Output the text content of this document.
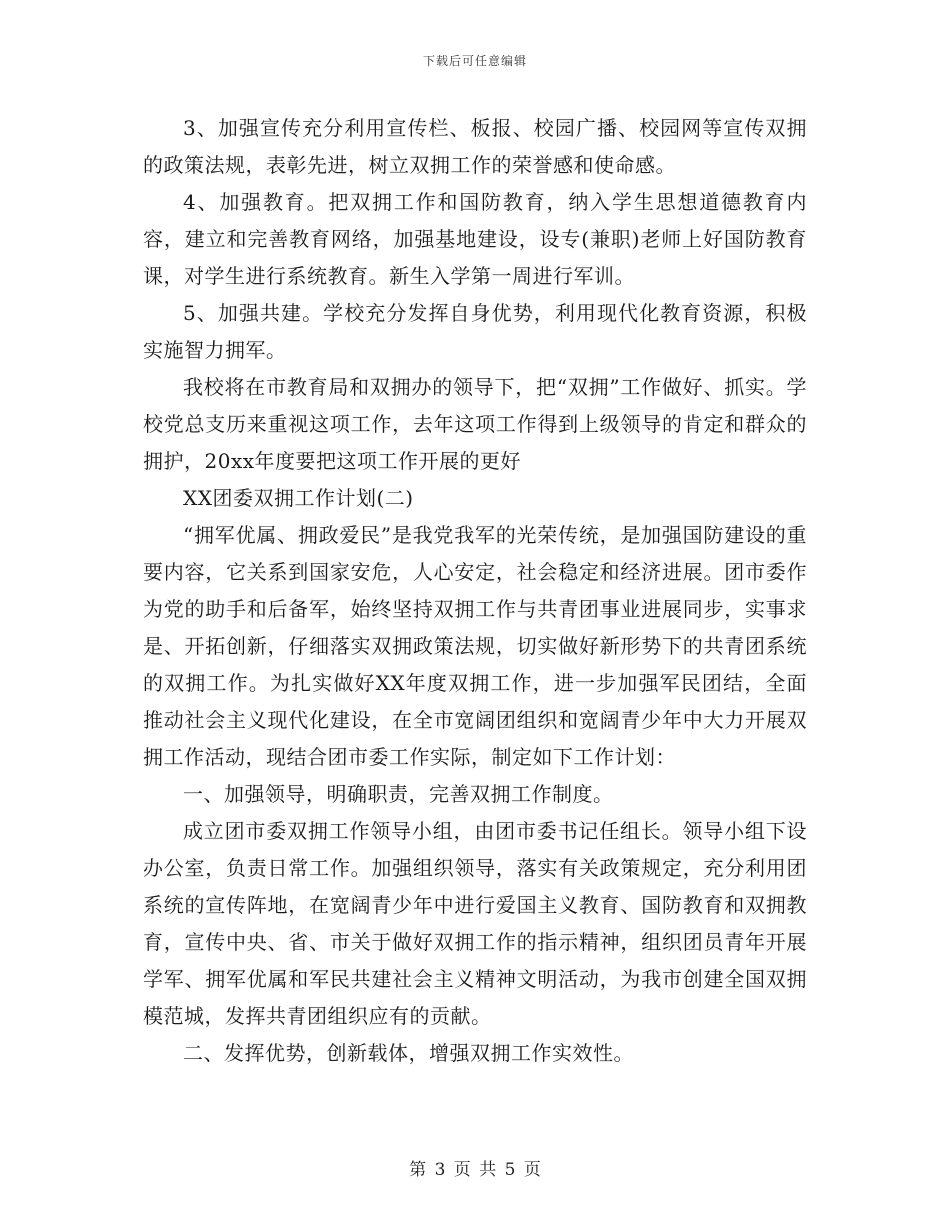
下载后可任意编辑

3、加强宣传充分利用宣传栏、板报、校园广播、校园网等宣传双拥的政策法规，表彰先进，树立双拥工作的荣誉感和使命感。

4、加强教育。把双拥工作和国防教育，纳入学生思想道德教育内容，建立和完善教育网络，加强基地建设，设专(兼职)老师上好国防教育课，对学生进行系统教育。新生入学第一周进行军训。

5、加强共建。学校充分发挥自身优势，利用现代化教育资源，积极实施智力拥军。

我校将在市教育局和双拥办的领导下，把“双拥”工作做好、抓实。学校党总支历来重视这项工作，去年这项工作得到上级领导的肯定和群众的拥护，20xx年度要把这项工作开展的更好

XX团委双拥工作计划(二)

“拥军优属、拥政爱民”是我党我军的光荣传统，是加强国防建设的重要内容，它关系到国家安危，人心安定，社会稳定和经济进展。团市委作为党的助手和后备军，始终坚持双拥工作与共青团事业进展同步，实事求是、开拓创新，仔细落实双拥政策法规，切实做好新形势下的共青团系统的双拥工作。为扎实做好XX年度双拥工作，进一步加强军民团结，全面推动社会主义现代化建设，在全市宽阔团组织和宽阔青少年中大力开展双拥工作活动，现结合团市委工作实际，制定如下工作计划：

一、加强领导，明确职责，完善双拥工作制度。

成立团市委双拥工作领导小组，由团市委书记任组长。领导小组下设办公室，负责日常工作。加强组织领导，落实有关政策规定，充分利用团系统的宣传阵地，在宽阔青少年中进行爱国主义教育、国防教育和双拥教育，宣传中央、省、市关于做好双拥工作的指示精神，组织团员青年开展学军、拥军优属和军民共建社会主义精神文明活动，为我市创建全国双拥模范城，发挥共青团组织应有的贡献。

二、发挥优势，创新载体，增强双拥工作实效性。

第 3 页 共 5 页
